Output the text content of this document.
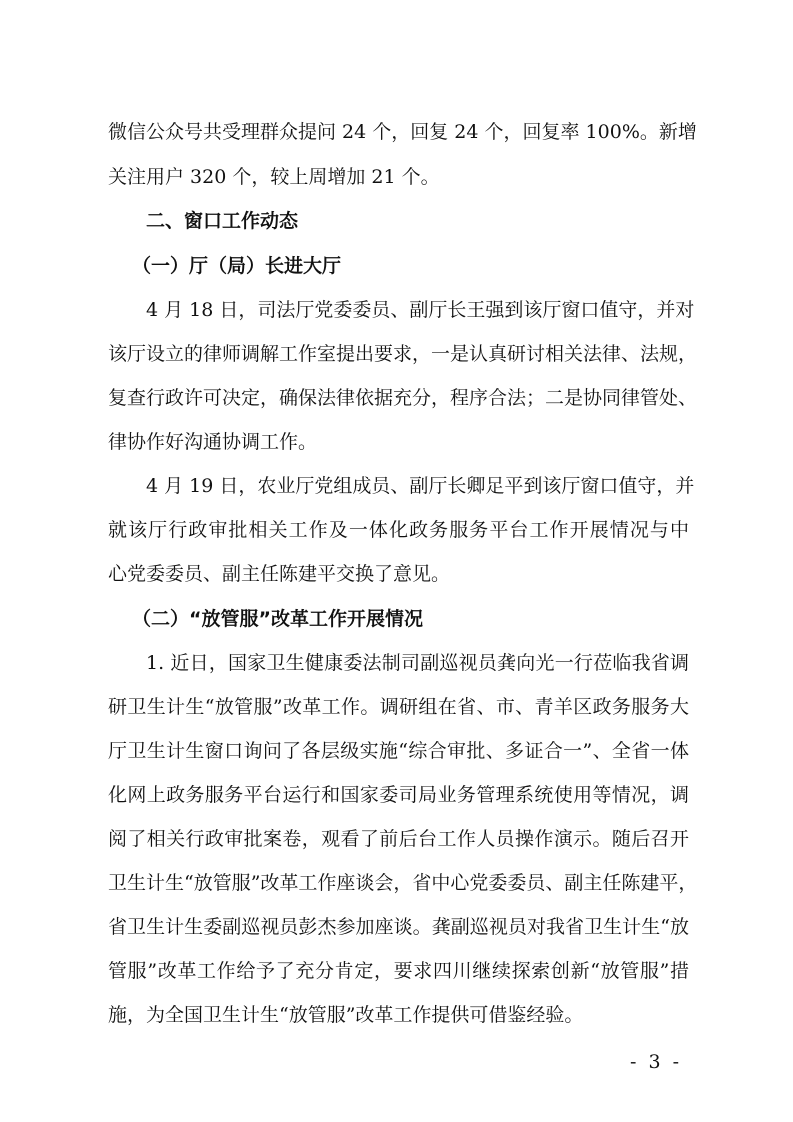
微信公众号共受理群众提问 24 个，回复 24 个，回复率 100%。新增
关注用户 320 个，较上周增加 21 个。
二、窗口工作动态
（一）厅（局）长进大厅
4 月 18 日，司法厅党委委员、副厅长王强到该厅窗口值守，并对
该厅设立的律师调解工作室提出要求，一是认真研讨相关法律、法规，
复查行政许可决定，确保法律依据充分，程序合法；二是协同律管处、
律协作好沟通协调工作。
4 月 19 日，农业厅党组成员、副厅长卿足平到该厅窗口值守，并
就该厅行政审批相关工作及一体化政务服务平台工作开展情况与中
心党委委员、副主任陈建平交换了意见。
（二）“放管服”改革工作开展情况
1. 近日，国家卫生健康委法制司副巡视员龚向光一行莅临我省调
研卫生计生“放管服”改革工作。调研组在省、市、青羊区政务服务大
厅卫生计生窗口询问了各层级实施“综合审批、多证合一”、全省一体
化网上政务服务平台运行和国家委司局业务管理系统使用等情况，调
阅了相关行政审批案卷，观看了前后台工作人员操作演示。随后召开
卫生计生“放管服”改革工作座谈会，省中心党委委员、副主任陈建平，
省卫生计生委副巡视员彭杰参加座谈。龚副巡视员对我省卫生计生“放
管服”改革工作给予了充分肯定，要求四川继续探索创新“放管服”措
施，为全国卫生计生“放管服”改革工作提供可借鉴经验。
- 3 -
